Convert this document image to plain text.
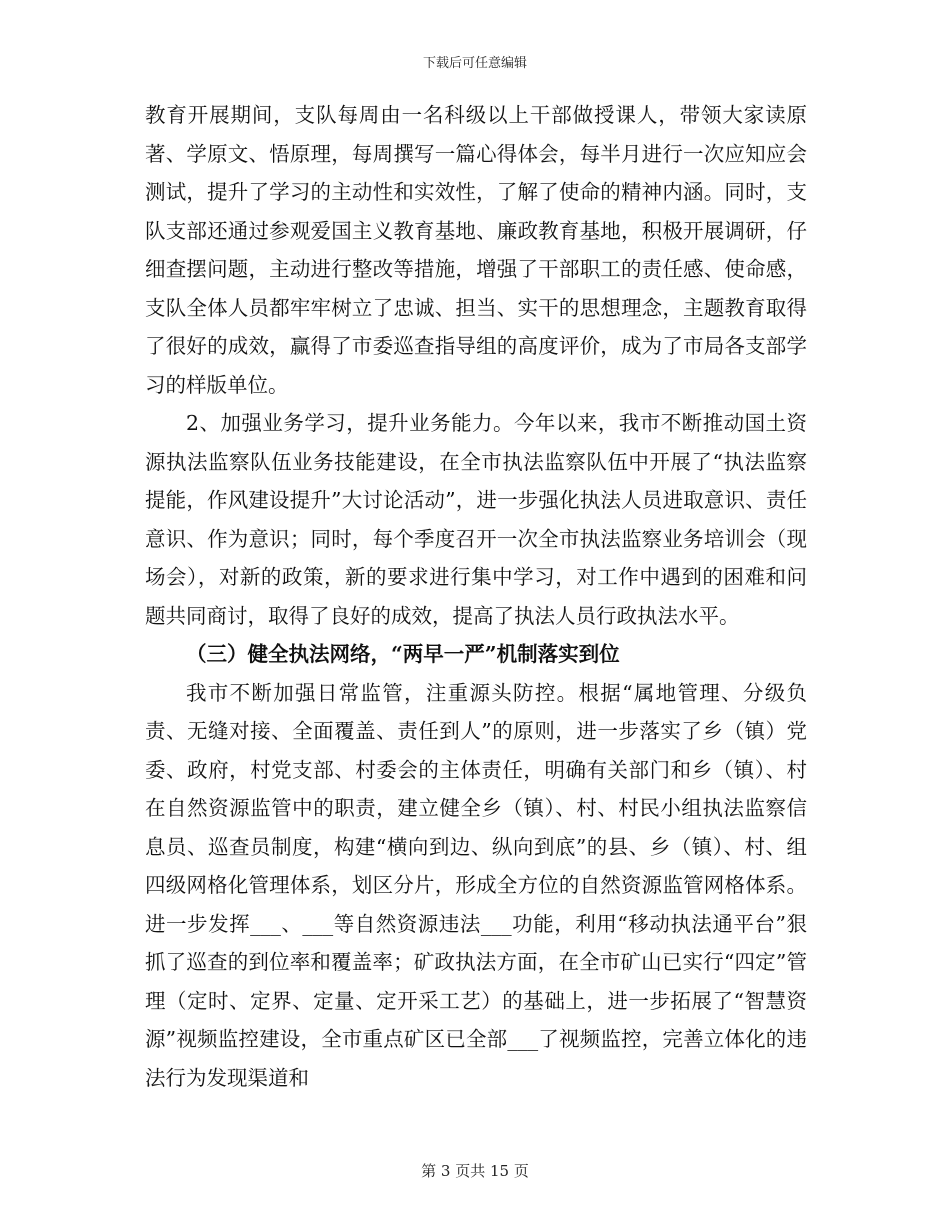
下载后可任意编辑

教育开展期间，支队每周由一名科级以上干部做授课人，带领大家读原著、学原文、悟原理，每周撰写一篇心得体会，每半月进行一次应知应会测试，提升了学习的主动性和实效性，了解了使命的精神内涵。同时，支队支部还通过参观爱国主义教育基地、廉政教育基地，积极开展调研，仔细查摆问题，主动进行整改等措施，增强了干部职工的责任感、使命感，支队全体人员都牢牢树立了忠诚、担当、实干的思想理念，主题教育取得了很好的成效，赢得了市委巡查指导组的高度评价，成为了市局各支部学习的样版单位。

2、加强业务学习，提升业务能力。今年以来，我市不断推动国土资源执法监察队伍业务技能建设，在全市执法监察队伍中开展了“执法监察提能，作风建设提升”大讨论活动”，进一步强化执法人员进取意识、责任意识、作为意识；同时，每个季度召开一次全市执法监察业务培训会（现场会），对新的政策，新的要求进行集中学习，对工作中遇到的困难和问题共同商讨，取得了良好的成效，提高了执法人员行政执法水平。

（三）健全执法网络，“两早一严”机制落实到位

我市不断加强日常监管，注重源头防控。根据“属地管理、分级负责、无缝对接、全面覆盖、责任到人”的原则，进一步落实了乡（镇）党委、政府，村党支部、村委会的主体责任，明确有关部门和乡（镇）、村在自然资源监管中的职责，建立健全乡（镇）、村、村民小组执法监察信息员、巡查员制度，构建“横向到边、纵向到底”的县、乡（镇）、村、组四级网格化管理体系，划区分片，形成全方位的自然资源监管网格体系。进一步发挥___、___等自然资源违法___功能，利用“移动执法通平台”狠抓了巡查的到位率和覆盖率；矿政执法方面，在全市矿山已实行“四定”管理（定时、定界、定量、定开采工艺）的基础上，进一步拓展了“智慧资源”视频监控建设，全市重点矿区已全部___了视频监控，完善立体化的违法行为发现渠道和

第 3 页共 15 页
